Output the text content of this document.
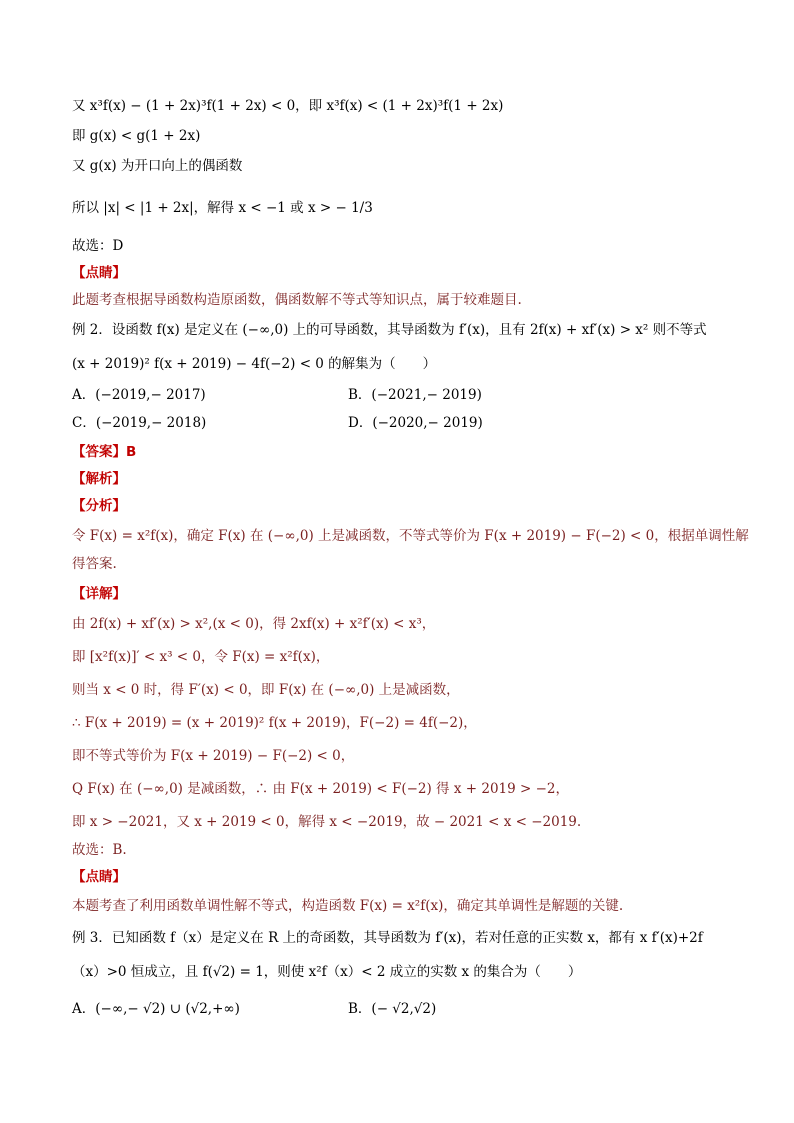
又 x³f(x) − (1 + 2x)³f(1 + 2x) < 0，即 x³f(x) < (1 + 2x)³f(1 + 2x)
即 g(x) < g(1 + 2x)
又 g(x) 为开口向上的偶函数
所以 |x| < |1 + 2x|，解得 x < −1 或 x > − 1/3
故选：D
【点睛】
此题考查根据导函数构造原函数，偶函数解不等式等知识点，属于较难题目.
例 2．设函数 f(x) 是定义在 (−∞,0) 上的可导函数，其导函数为 f′(x)，且有 2f(x) + xf′(x) > x² 则不等式
(x + 2019)² f(x + 2019) − 4f(−2) < 0 的解集为（　　）
A．(−2019,− 2017)	B．(−2021,− 2019)
C．(−2019,− 2018)	D．(−2020,− 2019)
【答案】B
【解析】
【分析】
令 F(x) = x²f(x)，确定 F(x) 在 (−∞,0) 上是减函数，不等式等价为 F(x + 2019) − F(−2) < 0，根据单调性解
得答案.
【详解】
由 2f(x) + xf′(x) > x²,(x < 0)，得 2xf(x) + x²f′(x) < x³，
即 [x²f(x)]′ < x³ < 0，令 F(x) = x²f(x)，
则当 x < 0 时，得 F′(x) < 0，即 F(x) 在 (−∞,0) 上是减函数，
∴ F(x + 2019) = (x + 2019)² f(x + 2019)，F(−2) = 4f(−2)，
即不等式等价为 F(x + 2019) − F(−2) < 0，
Q F(x) 在 (−∞,0) 是减函数，∴ 由 F(x + 2019) < F(−2) 得 x + 2019 > −2，
即 x > −2021，又 x + 2019 < 0，解得 x < −2019，故 − 2021 < x < −2019.
故选：B.
【点睛】
本题考查了利用函数单调性解不等式，构造函数 F(x) = x²f(x)，确定其单调性是解题的关键.
例 3．已知函数 f（x）是定义在 R 上的奇函数，其导函数为 f′(x)，若对任意的正实数 x，都有 x f′(x)+2f
（x）>0 恒成立，且 f(√2) = 1，则使 x²f（x）< 2 成立的实数 x 的集合为（　　）
A．(−∞,− √2) ∪ (√2,+∞)	B．(− √2,√2)
